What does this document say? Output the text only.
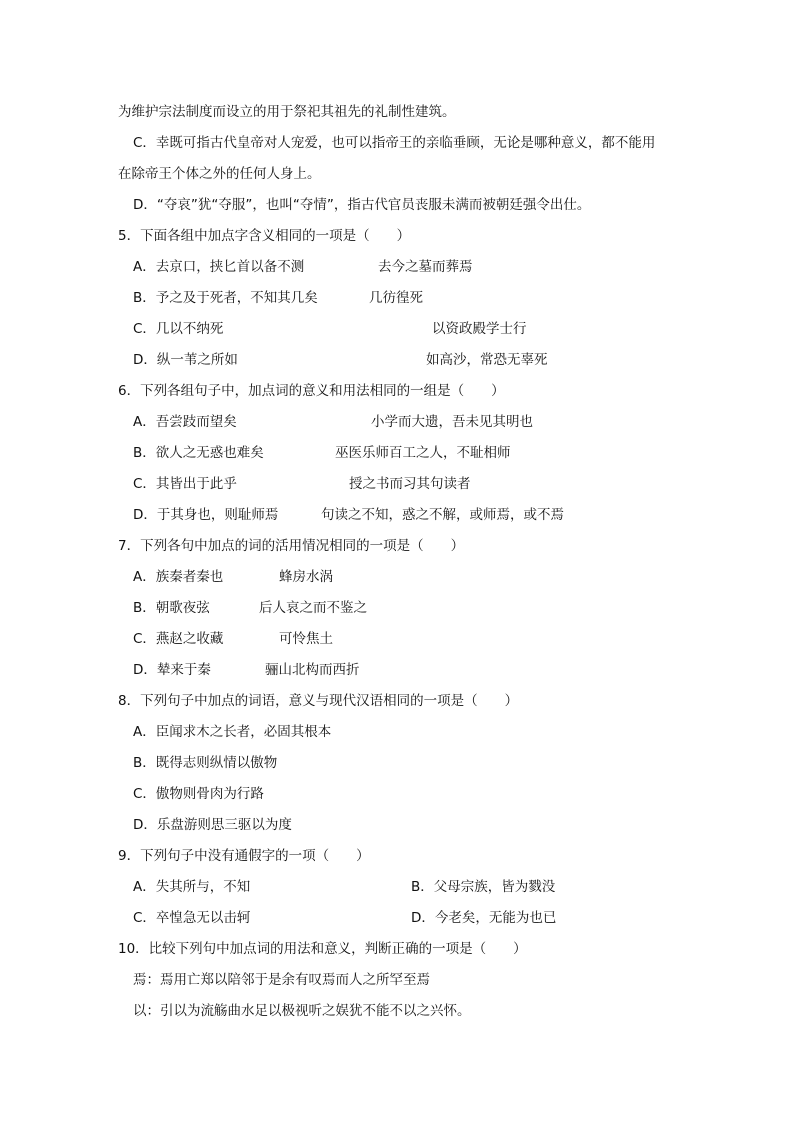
为维护宗法制度而设立的用于祭祀其祖先的礼制性建筑。
C．幸既可指古代皇帝对人宠爱，也可以指帝王的亲临垂顾，无论是哪种意义，都不能用
在除帝王个体之外的任何人身上。
D．“夺哀”犹“夺服”，也叫“夺情”，指古代官员丧服未满而被朝廷强令出仕。
5．下面各组中加点字含义相同的一项是（　　）
A．去京口，挟匕首以备不测	去今之墓而葬焉
B．予之及于死者，不知其几矣	几彷徨死
C．几以不纳死	以资政殿学士行
D．纵一苇之所如	如高沙，常恐无辜死
6．下列各组句子中，加点词的意义和用法相同的一组是（　　）
A．吾尝跂而望矣	小学而大遗，吾未见其明也
B．欲人之无惑也难矣	巫医乐师百工之人，不耻相师
C．其皆出于此乎	授之书而习其句读者
D．于其身也，则耻师焉	句读之不知，惑之不解，或师焉，或不焉
7．下列各句中加点的词的活用情况相同的一项是（　　）
A．族秦者秦也	蜂房水涡
B．朝歌夜弦	后人哀之而不鉴之
C．燕赵之收藏	可怜焦土
D．辇来于秦	骊山北构而西折
8．下列句子中加点的词语，意义与现代汉语相同的一项是（　　）
A．臣闻求木之长者，必固其根本
B．既得志则纵情以傲物
C．傲物则骨肉为行路
D．乐盘游则思三驱以为度
9．下列句子中没有通假字的一项（　　）
A．失其所与，不知	B．父母宗族，皆为戮没
C．卒惶急无以击轲	D．今老矣，无能为也已
10．比较下列句中加点词的用法和意义，判断正确的一项是（　　）
焉：焉用亡郑以陪邻于是余有叹焉而人之所罕至焉
以：引以为流觞曲水足以极视听之娱犹不能不以之兴怀。
